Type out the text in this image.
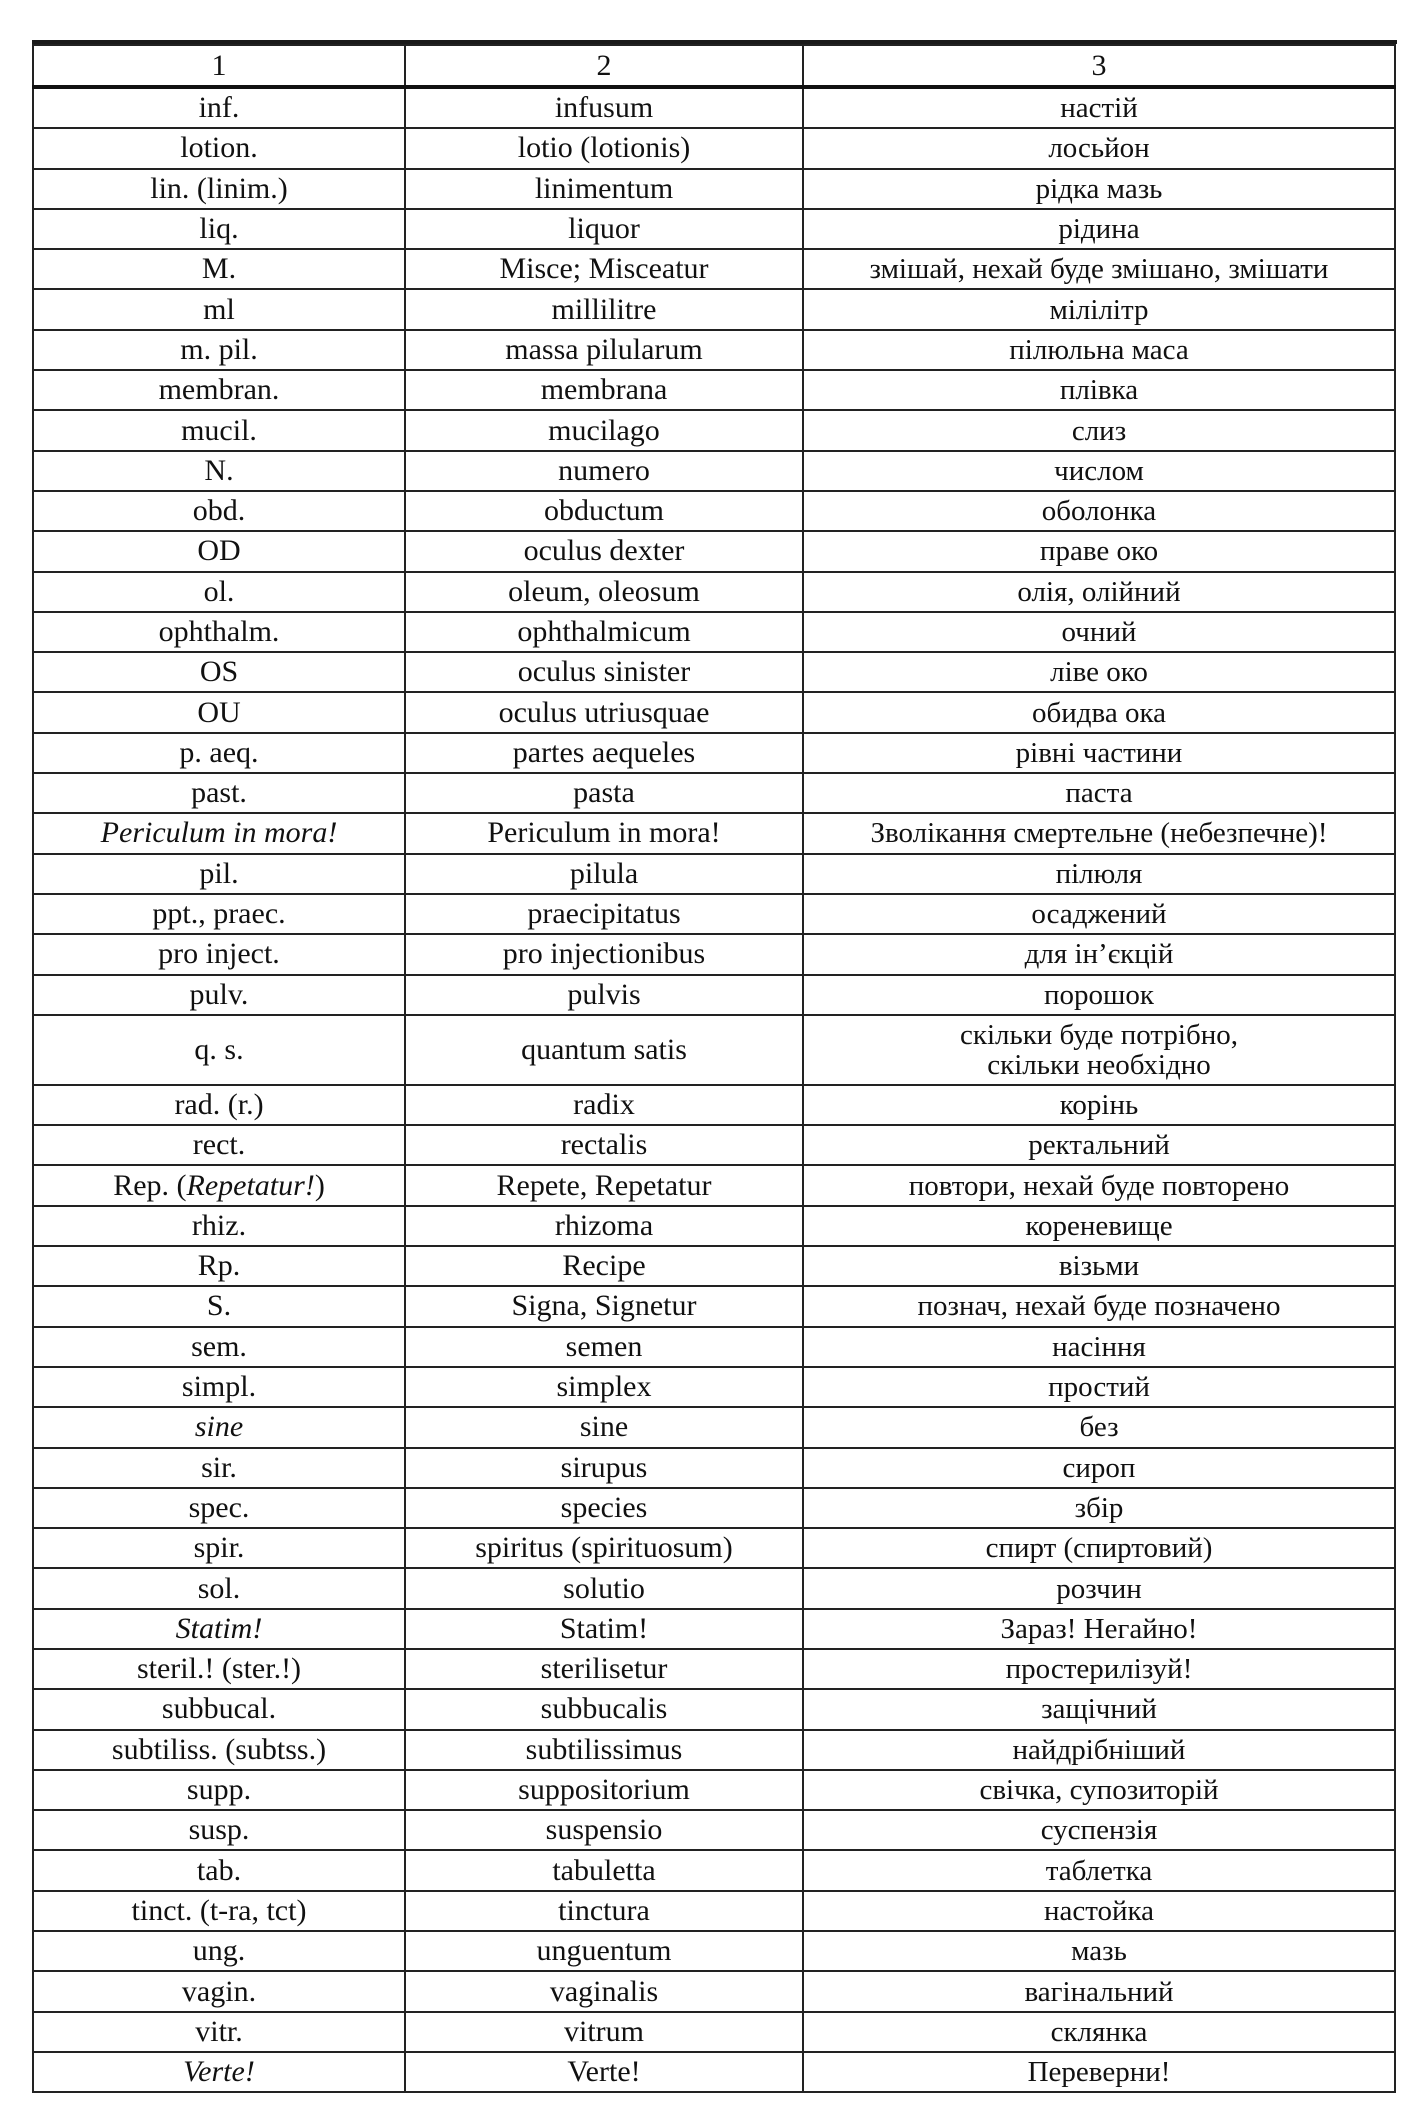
1	2	3
inf.	infusum	настій
lotion.	lotio (lotionis)	лосьйон
lin. (linim.)	linimentum	рідка мазь
liq.	liquor	рідина
M.	Misce; Misceatur	змішай, нехай буде змішано, змішати
ml	millilitre	мілілітр
m. pil.	massa pilularum	пілюльна маса
membran.	membrana	плівка
mucil.	mucilago	слиз
N.	numero	числом
obd.	obductum	оболонка
OD	oculus dexter	праве око
ol.	oleum, oleosum	олія, олійний
ophthalm.	ophthalmicum	очний
OS	oculus sinister	ліве око
OU	oculus utriusquae	обидва ока
p. aeq.	partes aequeles	рівні частини
past.	pasta	паста
Periculum in mora!	Periculum in mora!	Зволікання смертельне (небезпечне)!
pil.	pilula	пілюля
ppt., praec.	praecipitatus	осаджений
pro inject.	pro injectionibus	для ін’єкцій
pulv.	pulvis	порошок
q. s.	quantum satis	скільки буде потрібно,
скільки необхідно
rad. (r.)	radix	корінь
rect.	rectalis	ректальний
Rep. (Repetatur!)	Repete, Repetatur	повтори, нехай буде повторено
rhiz.	rhizoma	кореневище
Rp.	Recipe	візьми
S.	Signa, Signetur	познач, нехай буде позначено
sem.	semen	насіння
simpl.	simplex	простий
sine	sine	без
sir.	sirupus	сироп
spec.	species	збір
spir.	spiritus (spirituosum)	спирт (спиртовий)
sol.	solutio	розчин
Statim!	Statim!	Зараз! Негайно!
steril.! (ster.!)	sterilisetur	простерилізуй!
subbucal.	subbucalis	защічний
subtiliss. (subtss.)	subtilissimus	найдрібніший
supp.	suppositorium	свічка, супозиторій
susp.	suspensio	суспензія
tab.	tabuletta	таблетка
tinct. (t-ra, tct)	tinctura	настойка
ung.	unguentum	мазь
vagin.	vaginalis	вагінальний
vitr.	vitrum	склянка
Verte!	Verte!	Переверни!
